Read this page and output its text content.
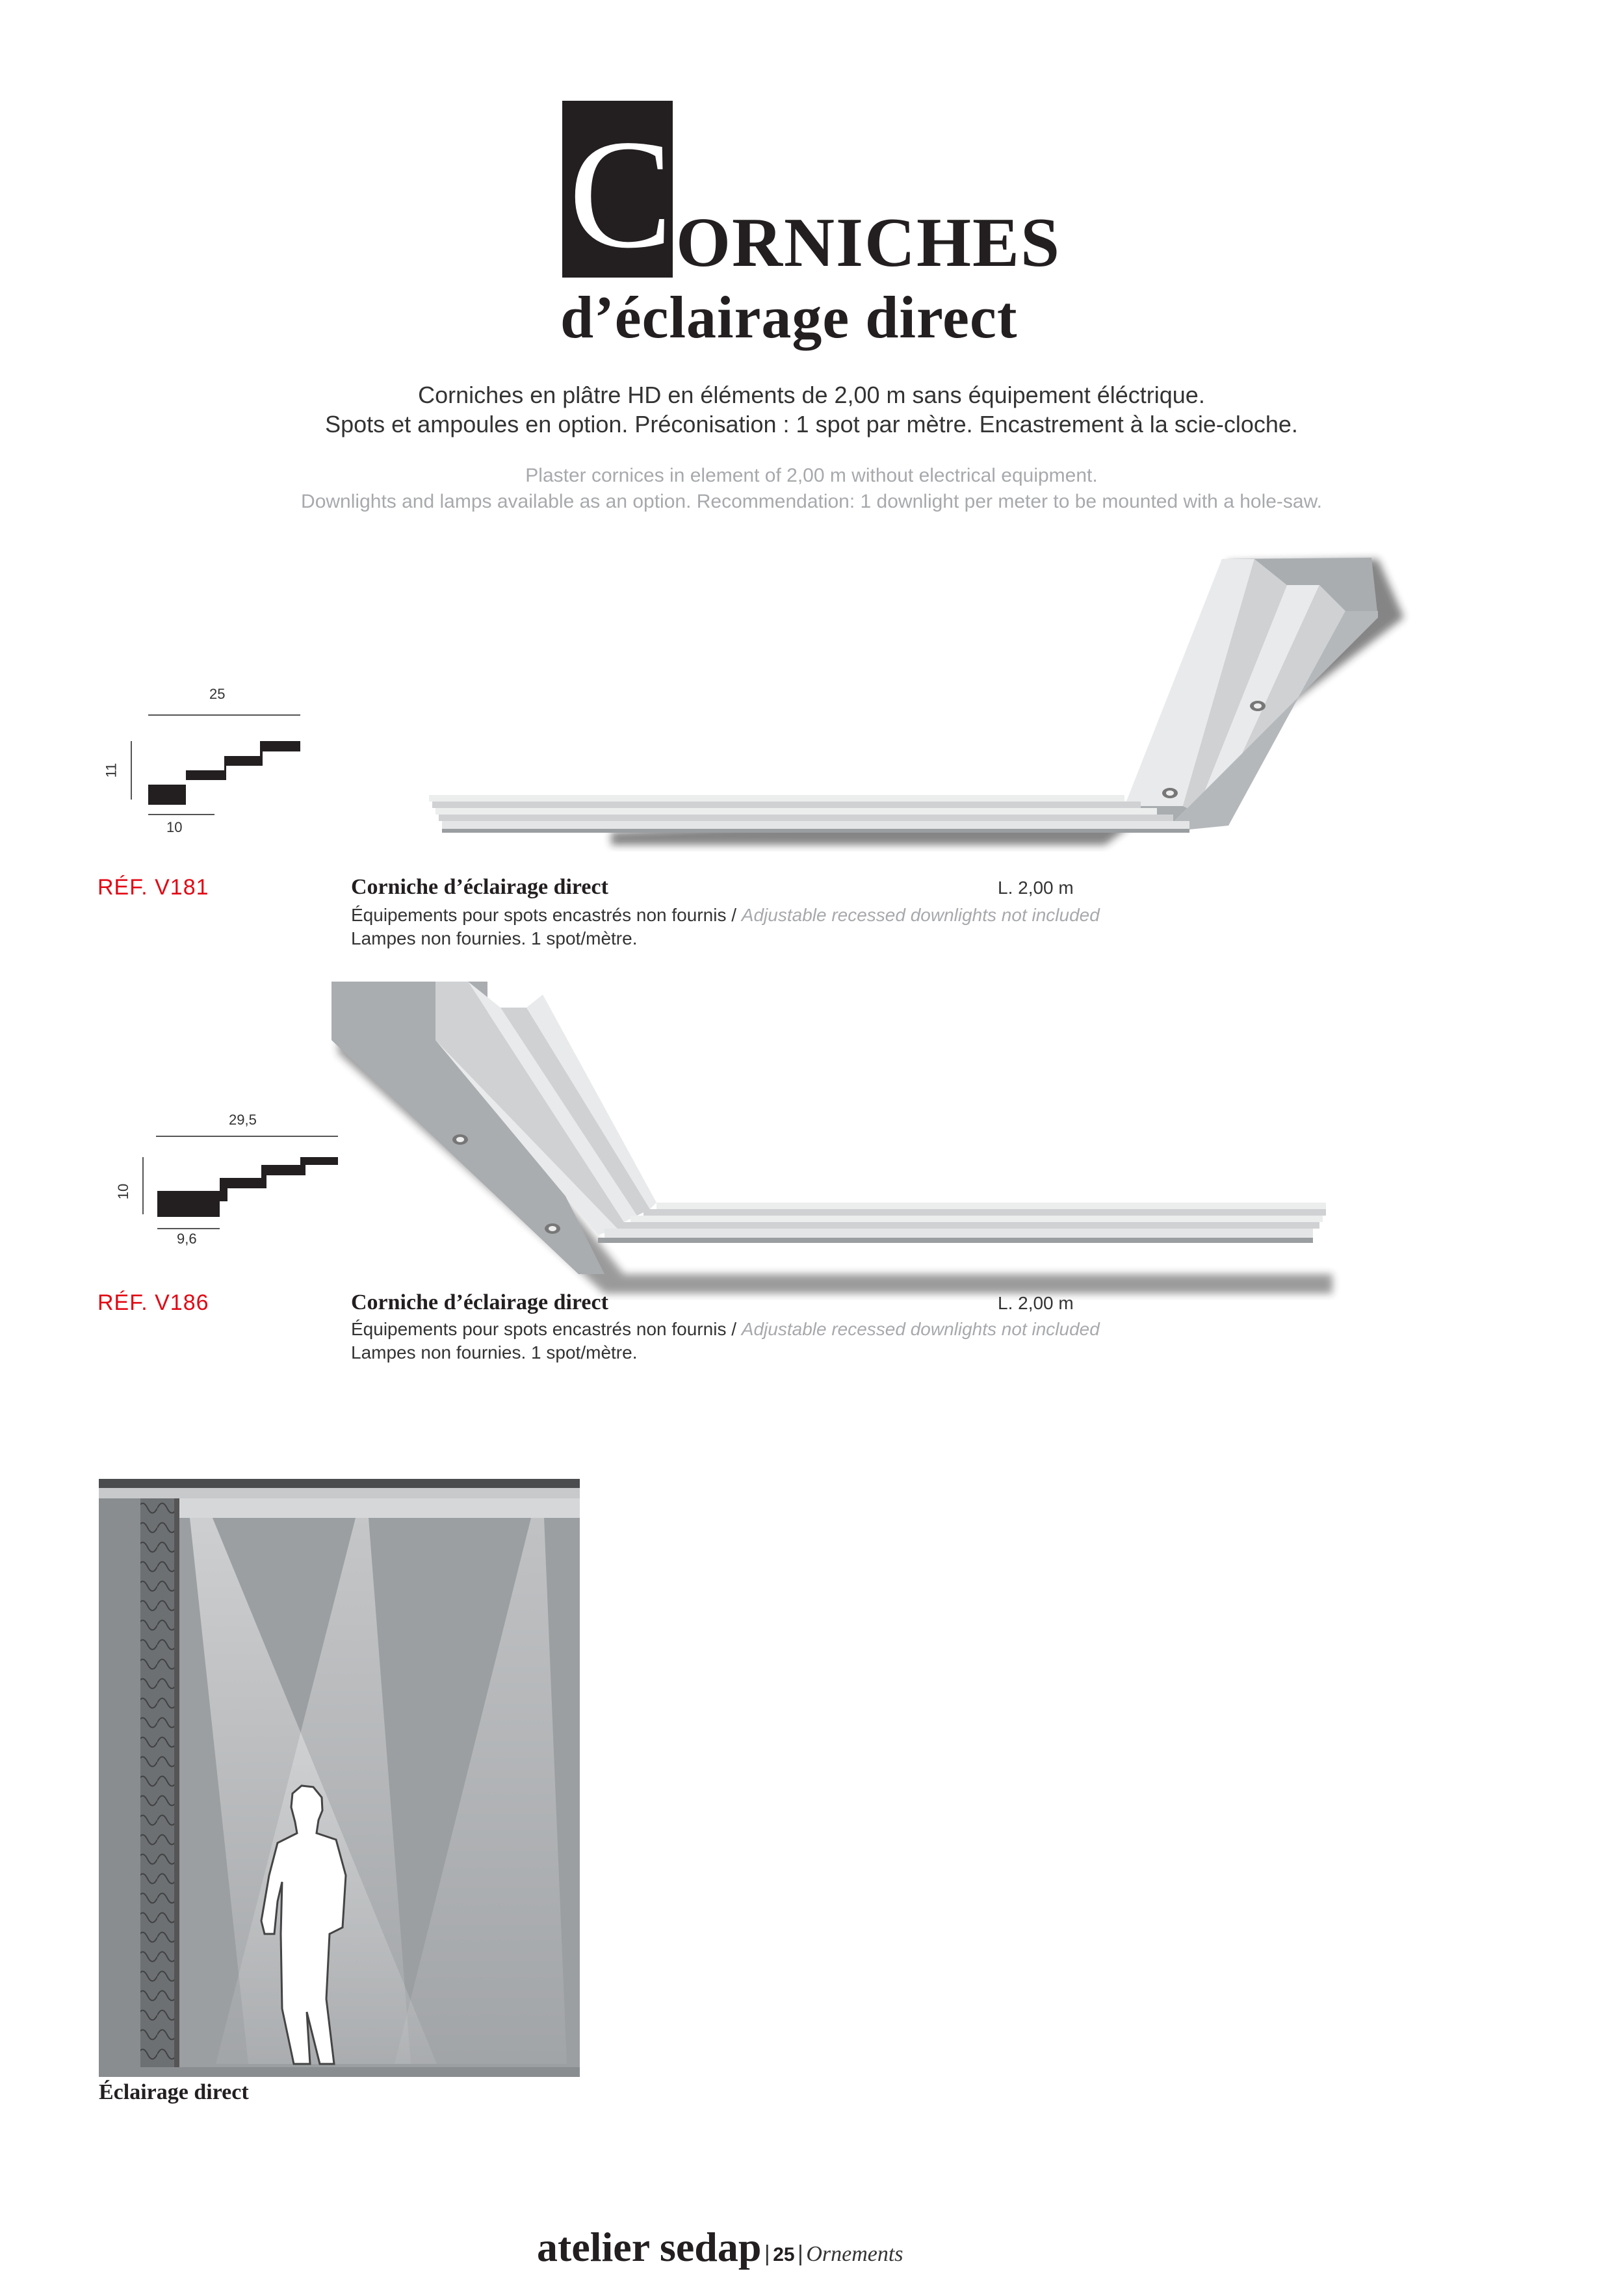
C ORNICHES
d’éclairage direct
Corniches en plâtre HD en éléments de 2,00 m sans équipement éléctrique.
Spots et ampoules en option. Préconisation : 1 spot par mètre. Encastrement à la scie-cloche.
Plaster cornices in element of 2,00 m without electrical equipment.
Downlights and lamps available as an option. Recommendation: 1 downlight per meter to be mounted with a hole-saw.
25
11
10
RÉF. V181	Corniche d’éclairage direct	L. 2,00 m
Équipements pour spots encastrés non fournis / Adjustable recessed downlights not included
Lampes non fournies. 1 spot/mètre.
29,5
10
9,6
RÉF. V186	Corniche d’éclairage direct	L. 2,00 m
Équipements pour spots encastrés non fournis / Adjustable recessed downlights not included
Lampes non fournies. 1 spot/mètre.
Éclairage direct
atelier sedap | 25 | Ornements
